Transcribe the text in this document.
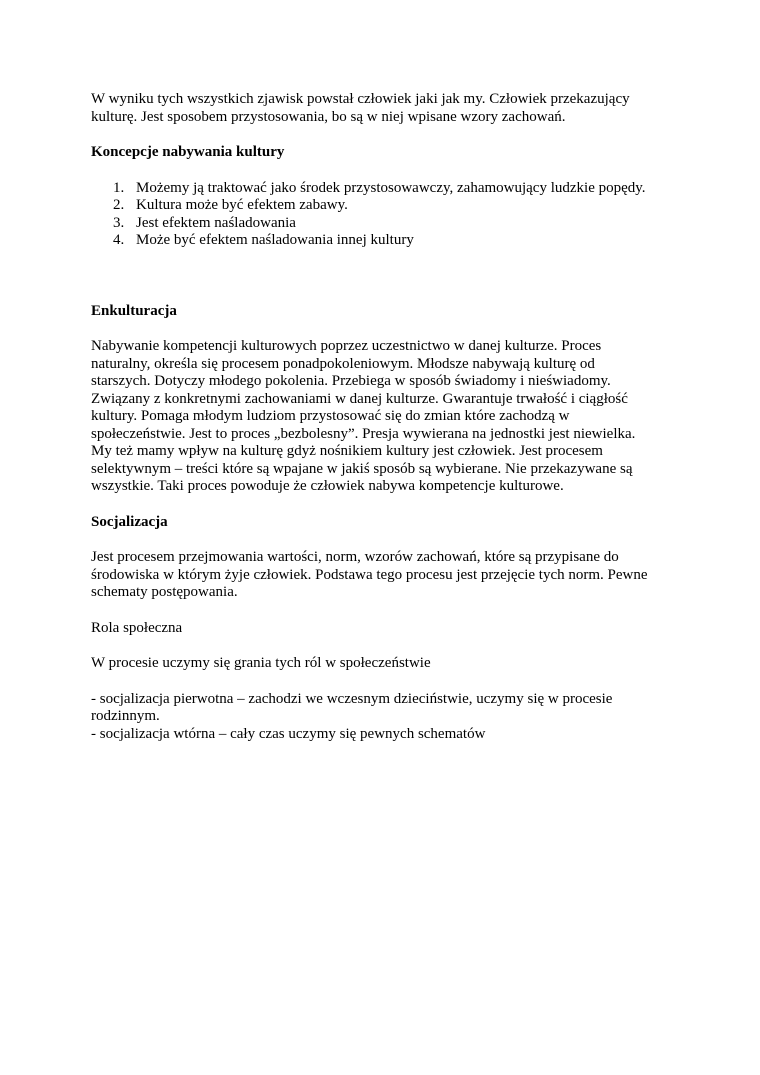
W wyniku tych wszystkich zjawisk powstał człowiek jaki jak my. Człowiek przekazujący

kulturę. Jest sposobem przystosowania, bo są w niej wpisane wzory zachowań.

Koncepcje nabywania kultury
1. Możemy ją traktować jako środek przystosowawczy, zahamowujący ludzkie popędy.
2. Kultura może być efektem zabawy.
3. Jest efektem naśladowania
4. Może być efektem naśladowania innej kultury
Enkulturacja

Nabywanie kompetencji kulturowych poprzez uczestnictwo w danej kulturze. Proces

naturalny, określa się procesem ponadpokoleniowym. Młodsze nabywają kulturę od

starszych. Dotyczy młodego pokolenia. Przebiega w sposób świadomy i nieświadomy.

Związany z konkretnymi zachowaniami w danej kulturze. Gwarantuje trwałość i ciągłość

kultury. Pomaga młodym ludziom przystosować się do zmian które zachodzą w

społeczeństwie. Jest to proces „bezbolesny”. Presja wywierana na jednostki jest niewielka.

My też mamy wpływ na kulturę gdyż nośnikiem kultury jest człowiek. Jest procesem

selektywnym – treści które są wpajane w jakiś sposób są wybierane. Nie przekazywane są

wszystkie. Taki proces powoduje że człowiek nabywa kompetencje kulturowe.

Socjalizacja

Jest procesem przejmowania wartości, norm, wzorów zachowań, które są przypisane do

środowiska w którym żyje człowiek. Podstawa tego procesu jest przejęcie tych norm. Pewne

schematy postępowania.

Rola społeczna

W procesie uczymy się grania tych ról w społeczeństwie

- socjalizacja pierwotna – zachodzi we wczesnym dzieciństwie, uczymy się w procesie

rodzinnym.

- socjalizacja wtórna – cały czas uczymy się pewnych schematów
